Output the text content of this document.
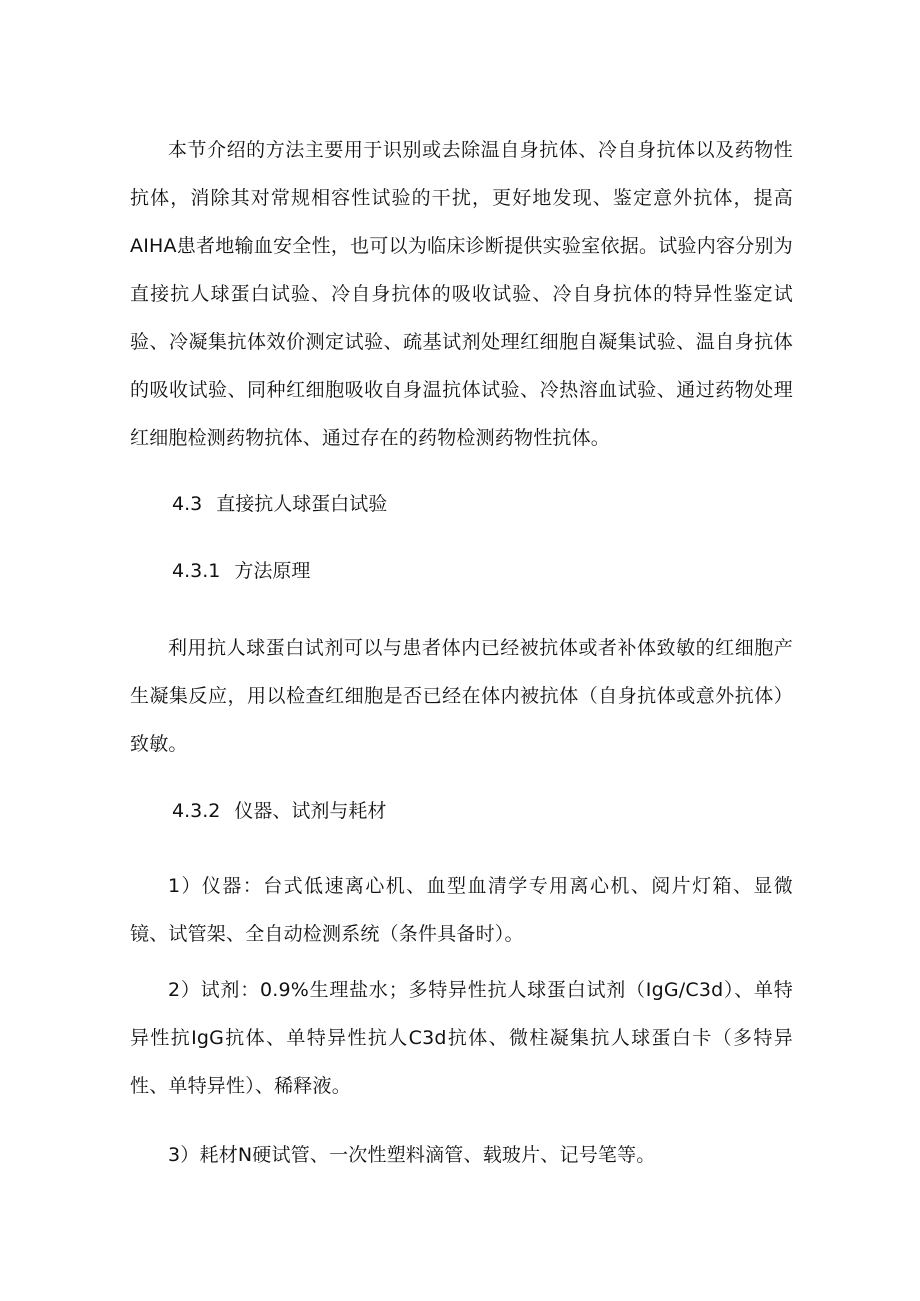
本节介绍的方法主要用于识别或去除温自身抗体、冷自身抗体以及药物性抗体，消除其对常规相容性试验的干扰，更好地发现、鉴定意外抗体，提高AIHA患者地输血安全性，也可以为临床诊断提供实验室依据。试验内容分别为直接抗人球蛋白试验、冷自身抗体的吸收试验、冷自身抗体的特异性鉴定试验、冷凝集抗体效价测定试验、疏基试剂处理红细胞自凝集试验、温自身抗体的吸收试验、同种红细胞吸收自身温抗体试验、冷热溶血试验、通过药物处理红细胞检测药物抗体、通过存在的药物检测药物性抗体。

4.3 直接抗人球蛋白试验
4.3.1 方法原理

利用抗人球蛋白试剂可以与患者体内已经被抗体或者补体致敏的红细胞产生凝集反应，用以检查红细胞是否已经在体内被抗体（自身抗体或意外抗体）致敏。

4.3.2 仪器、试剂与耗材

1）仪器：台式低速离心机、血型血清学专用离心机、阅片灯箱、显微镜、试管架、全自动检测系统（条件具备时）。

2）试剂：0.9%生理盐水；多特异性抗人球蛋白试剂（IgG/C3d）、单特异性抗IgG抗体、单特异性抗人C3d抗体、微柱凝集抗人球蛋白卡（多特异性、单特异性）、稀释液。

3）耗材N硬试管、一次性塑料滴管、载玻片、记号笔等。
